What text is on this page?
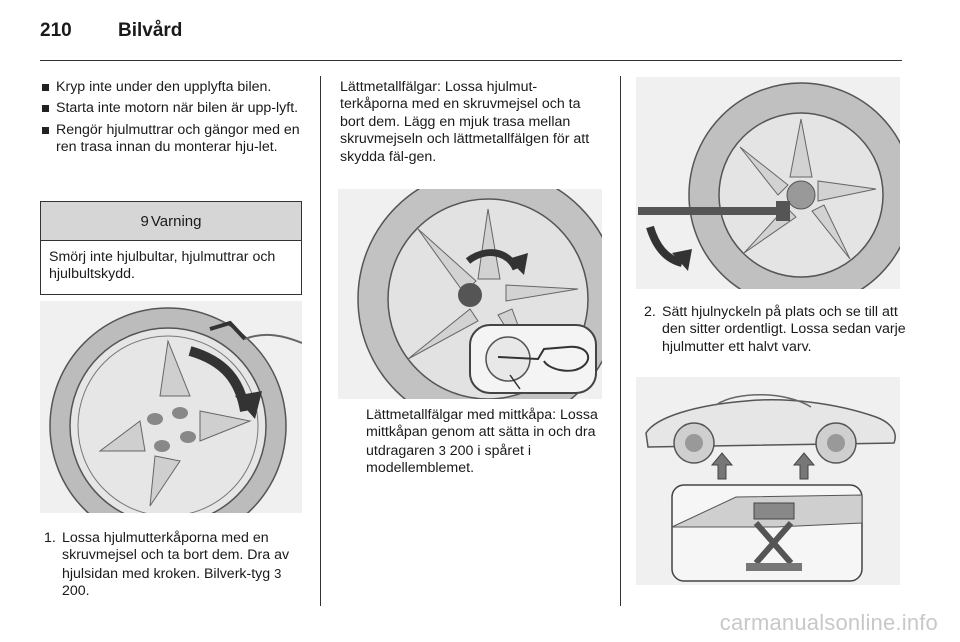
210 Bilvård
Kryp inte under den upplyfta bilen.
Starta inte motorn när bilen är upp-lyft.
Rengör hjulmuttrar och gängor med en ren trasa innan du monterar hju-let.
9 Varning
Smörj inte hjulbultar, hjulmuttrar och hjulbultskydd.
1. Lossa hjulmutterkåporna med en skruvmejsel och ta bort dem. Dra av hjulsidan med kroken. Bilverk-tyg 3 200.
Lättmetallfälgar: Lossa hjulmut-terkåporna med en skruvmejsel och ta bort dem. Lägg en mjuk trasa mellan skruvmejseln och lättmetallfälgen för att skydda fäl-gen.
Lättmetallfälgar med mittkåpa: Lossa mittkåpan genom att sätta in och dra utdragaren 3 200 i spåret i modellemblemet.
2. Sätt hjulnyckeln på plats och se till att den sitter ordentligt. Lossa sedan varje hjulmutter ett halvt varv.
carmanualsonline.info
